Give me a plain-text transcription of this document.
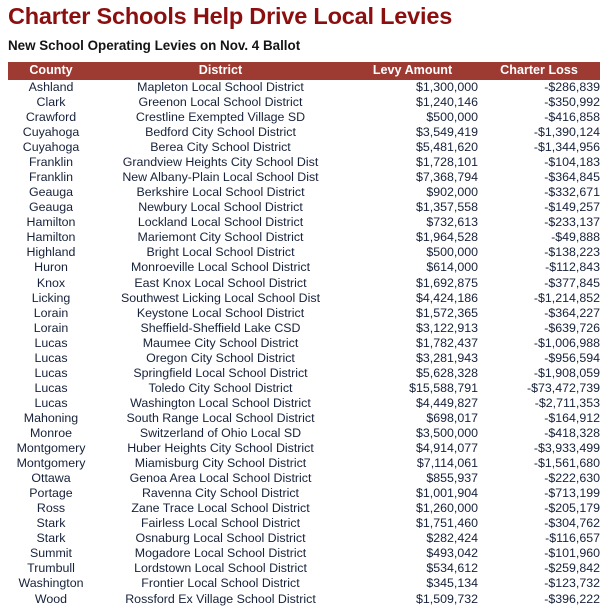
Charter Schools Help Drive Local Levies
New School Operating Levies on Nov. 4 Ballot
County	District	Levy Amount	Charter Loss
Ashland	Mapleton Local School District	$1,300,000	-$286,839
Clark	Greenon Local School District	$1,240,146	-$350,992
Crawford	Crestline Exempted Village SD	$500,000	-$416,858
Cuyahoga	Bedford City School District	$3,549,419	-$1,390,124
Cuyahoga	Berea City School District	$5,481,620	-$1,344,956
Franklin	Grandview Heights City School Dist	$1,728,101	-$104,183
Franklin	New Albany-Plain Local School Dist	$7,368,794	-$364,845
Geauga	Berkshire Local School District	$902,000	-$332,671
Geauga	Newbury Local School District	$1,357,558	-$149,257
Hamilton	Lockland Local School District	$732,613	-$233,137
Hamilton	Mariemont City School District	$1,964,528	-$49,888
Highland	Bright Local School District	$500,000	-$138,223
Huron	Monroeville Local School District	$614,000	-$112,843
Knox	East Knox Local School District	$1,692,875	-$377,845
Licking	Southwest Licking Local School Dist	$4,424,186	-$1,214,852
Lorain	Keystone Local School District	$1,572,365	-$364,227
Lorain	Sheffield-Sheffield Lake CSD	$3,122,913	-$639,726
Lucas	Maumee City School District	$1,782,437	-$1,006,988
Lucas	Oregon City School District	$3,281,943	-$956,594
Lucas	Springfield Local School District	$5,628,328	-$1,908,059
Lucas	Toledo City School District	$15,588,791	-$73,472,739
Lucas	Washington Local School District	$4,449,827	-$2,711,353
Mahoning	South Range Local School District	$698,017	-$164,912
Monroe	Switzerland of Ohio Local SD	$3,500,000	-$418,328
Montgomery	Huber Heights City School District	$4,914,077	-$3,933,499
Montgomery	Miamisburg City School District	$7,114,061	-$1,561,680
Ottawa	Genoa Area Local School District	$855,937	-$222,630
Portage	Ravenna City School District	$1,001,904	-$713,199
Ross	Zane Trace Local School District	$1,260,000	-$205,179
Stark	Fairless Local School District	$1,751,460	-$304,762
Stark	Osnaburg Local School District	$282,424	-$116,657
Summit	Mogadore Local School District	$493,042	-$101,960
Trumbull	Lordstown Local School District	$534,612	-$259,842
Washington	Frontier Local School District	$345,134	-$123,732
Wood	Rossford Ex Village School District	$1,509,732	-$396,222
